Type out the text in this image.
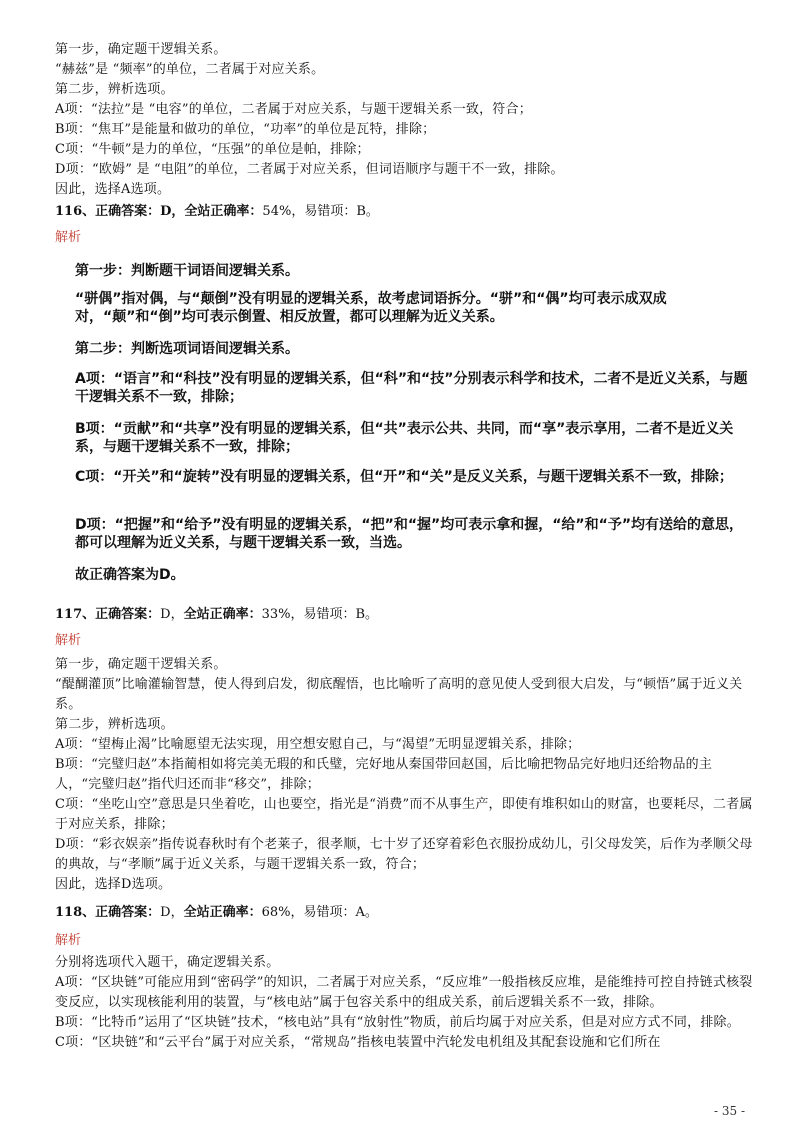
第一步，确定题干逻辑关系。
“赫兹”是 “频率”的单位，二者属于对应关系。
第二步，辨析选项。
A项：“法拉”是 “电容”的单位，二者属于对应关系，与题干逻辑关系一致，符合；
B项：“焦耳”是能量和做功的单位，“功率”的单位是瓦特，排除；
C项：“牛顿”是力的单位，“压强”的单位是帕，排除；
D项：“欧姆” 是 “电阻”的单位，二者属于对应关系，但词语顺序与题干不一致，排除。
因此，选择A选项。
116、正确答案：D，全站正确率：54%，易错项：B。
解析

第一步：判断题干词语间逻辑关系。

“骈偶”指对偶，与“颠倒”没有明显的逻辑关系，故考虑词语拆分。“骈”和“偶”均可表示成双成对，“颠”和“倒”均可表示倒置、相反放置，都可以理解为近义关系。

第二步：判断选项词语间逻辑关系。

A项：“语言”和“科技”没有明显的逻辑关系，但“科”和“技”分别表示科学和技术，二者不是近义关系，与题干逻辑关系不一致，排除；

B项：“贡献”和“共享”没有明显的逻辑关系，但“共”表示公共、共同，而“享”表示享用，二者不是近义关系，与题干逻辑关系不一致，排除；

C项：“开关”和“旋转”没有明显的逻辑关系，但“开”和“关”是反义关系，与题干逻辑关系不一致，排除；

D项：“把握”和“给予”没有明显的逻辑关系，“把”和“握”均可表示拿和握，“给”和“予”均有送给的意思，都可以理解为近义关系，与题干逻辑关系一致，当选。

故正确答案为D。

117、正确答案：D，全站正确率：33%，易错项：B。
解析
第一步，确定题干逻辑关系。
“醍醐灌顶”比喻灌输智慧，使人得到启发，彻底醒悟，也比喻听了高明的意见使人受到很大启发，与“顿悟”属于近义关系。
第二步，辨析选项。
A项：“望梅止渴”比喻愿望无法实现，用空想安慰自己，与“渴望”无明显逻辑关系，排除；
B项：“完璧归赵”本指蔺相如将完美无瑕的和氏璧，完好地从秦国带回赵国，后比喻把物品完好地归还给物品的主人，“完璧归赵”指代归还而非“移交”，排除；
C项：“坐吃山空”意思是只坐着吃，山也要空，指光是“消费”而不从事生产，即使有堆积如山的财富，也要耗尽，二者属于对应关系，排除；
D项：“彩衣娱亲”指传说春秋时有个老莱子，很孝顺，七十岁了还穿着彩色衣服扮成幼儿，引父母发笑，后作为孝顺父母的典故，与“孝顺”属于近义关系，与题干逻辑关系一致，符合；
因此，选择D选项。
118、正确答案：D，全站正确率：68%，易错项：A。
解析
分别将选项代入题干，确定逻辑关系。
A项：“区块链”可能应用到“密码学”的知识，二者属于对应关系，“反应堆”一般指核反应堆，是能维持可控自持链式核裂变反应，以实现核能利用的装置，与“核电站”属于包容关系中的组成关系，前后逻辑关系不一致，排除。
B项：“比特币”运用了“区块链”技术，“核电站”具有“放射性”物质，前后均属于对应关系，但是对应方式不同，排除。
C项：“区块链”和“云平台”属于对应关系，“常规岛”指核电装置中汽轮发电机组及其配套设施和它们所在
- 35 -
